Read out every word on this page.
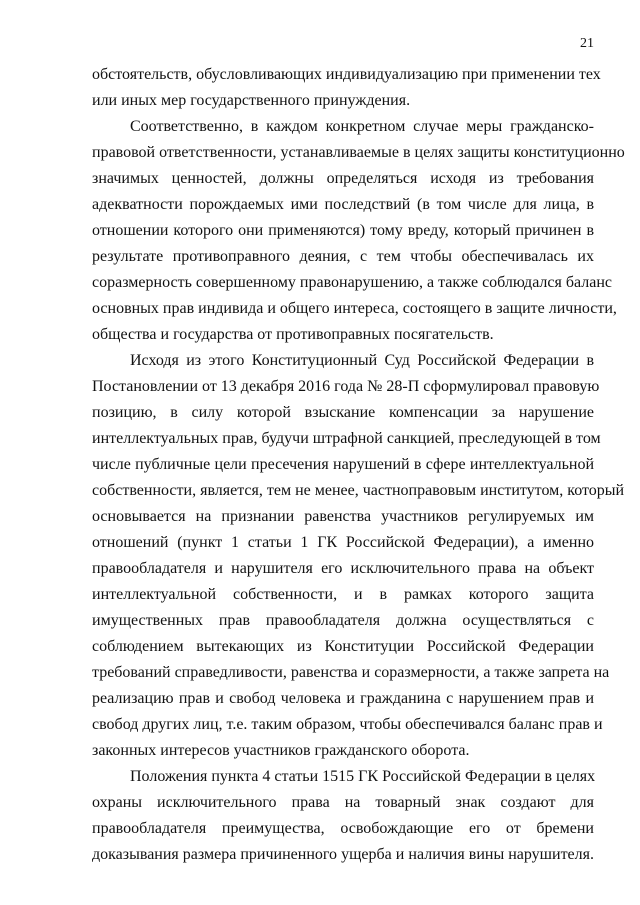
21
обстоятельств, обусловливающих индивидуализацию при применении тех
или иных мер государственного принуждения.
Соответственно, в каждом конкретном случае меры гражданско-
правовой ответственности, устанавливаемые в целях защиты конституционно
значимых ценностей, должны определяться исходя из требования
адекватности порождаемых ими последствий (в том числе для лица, в
отношении которого они применяются) тому вреду, который причинен в
результате противоправного деяния, с тем чтобы обеспечивалась их
соразмерность совершенному правонарушению, а также соблюдался баланс
основных прав индивида и общего интереса, состоящего в защите личности,
общества и государства от противоправных посягательств.
Исходя из этого Конституционный Суд Российской Федерации в
Постановлении от 13 декабря 2016 года № 28-П сформулировал правовую
позицию, в силу которой взыскание компенсации за нарушение
интеллектуальных прав, будучи штрафной санкцией, преследующей в том
числе публичные цели пресечения нарушений в сфере интеллектуальной
собственности, является, тем не менее, частноправовым институтом, который
основывается на признании равенства участников регулируемых им
отношений (пункт 1 статьи 1 ГК Российской Федерации), а именно
правообладателя и нарушителя его исключительного права на объект
интеллектуальной собственности, и в рамках которого защита
имущественных прав правообладателя должна осуществляться с
соблюдением вытекающих из Конституции Российской Федерации
требований справедливости, равенства и соразмерности, а также запрета на
реализацию прав и свобод человека и гражданина с нарушением прав и
свобод других лиц, т.е. таким образом, чтобы обеспечивался баланс прав и
законных интересов участников гражданского оборота.
Положения пункта 4 статьи 1515 ГК Российской Федерации в целях
охраны исключительного права на товарный знак создают для
правообладателя преимущества, освобождающие его от бремени
доказывания размера причиненного ущерба и наличия вины нарушителя.
